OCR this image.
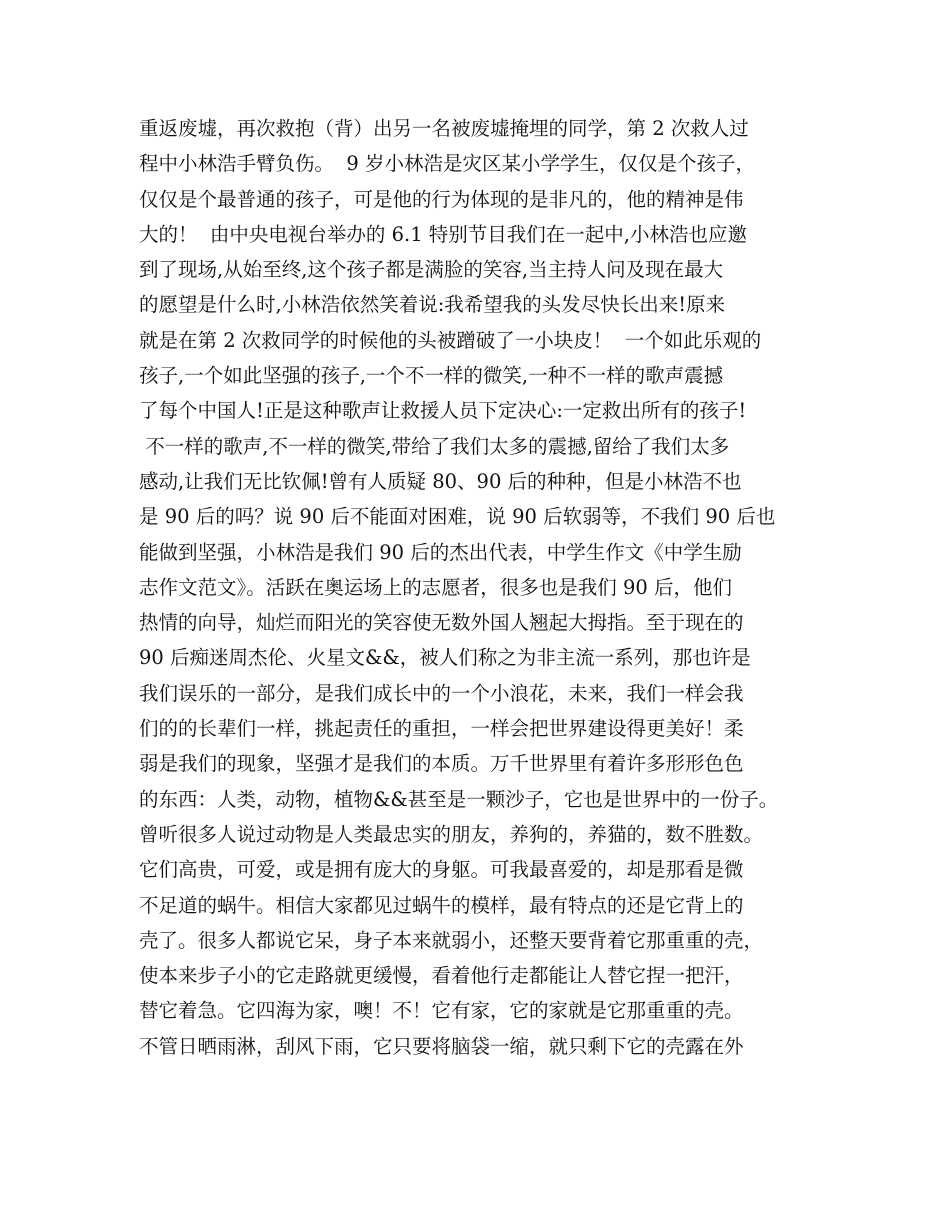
重返废墟，再次救抱（背）出另一名被废墟掩埋的同学，第 2 次救人过
程中小林浩手臂负伤。  9 岁小林浩是灾区某小学学生，仅仅是个孩子，
仅仅是个最普通的孩子，可是他的行为体现的是非凡的，他的精神是伟
大的！  由中央电视台举办的 6.1 特别节目我们在一起中,小林浩也应邀
到了现场,从始至终,这个孩子都是满脸的笑容,当主持人问及现在最大
的愿望是什么时,小林浩依然笑着说:我希望我的头发尽快长出来!原来
就是在第 2 次救同学的时候他的头被蹭破了一小块皮！  一个如此乐观的
孩子,一个如此坚强的孩子,一个不一样的微笑,一种不一样的歌声震撼
了每个中国人!正是这种歌声让救援人员下定决心:一定救出所有的孩子!
不一样的歌声,不一样的微笑,带给了我们太多的震撼,留给了我们太多
感动,让我们无比钦佩!曾有人质疑 80、90 后的种种，但是小林浩不也
是 90 后的吗？说 90 后不能面对困难，说 90 后软弱等，不我们 90 后也
能做到坚强，小林浩是我们 90 后的杰出代表，中学生作文《中学生励
志作文范文》。活跃在奥运场上的志愿者，很多也是我们 90 后，他们
热情的向导，灿烂而阳光的笑容使无数外国人翘起大拇指。至于现在的
90 后痴迷周杰伦、火星文&&，被人们称之为非主流一系列，那也许是
我们误乐的一部分，是我们成长中的一个小浪花，未来，我们一样会我
们的的长辈们一样，挑起责任的重担，一样会把世界建设得更美好！柔
弱是我们的现象，坚强才是我们的本质。万千世界里有着许多形形色色
的东西：人类，动物，植物&&甚至是一颗沙子，它也是世界中的一份子。
曾听很多人说过动物是人类最忠实的朋友，养狗的，养猫的，数不胜数。
它们高贵，可爱，或是拥有庞大的身躯。可我最喜爱的，却是那看是微
不足道的蜗牛。相信大家都见过蜗牛的模样，最有特点的还是它背上的
壳了。很多人都说它呆，身子本来就弱小，还整天要背着它那重重的壳，
使本来步子小的它走路就更缓慢，看着他行走都能让人替它捏一把汗，
替它着急。它四海为家，噢！不！它有家，它的家就是它那重重的壳。
不管日晒雨淋，刮风下雨，它只要将脑袋一缩，就只剩下它的壳露在外
